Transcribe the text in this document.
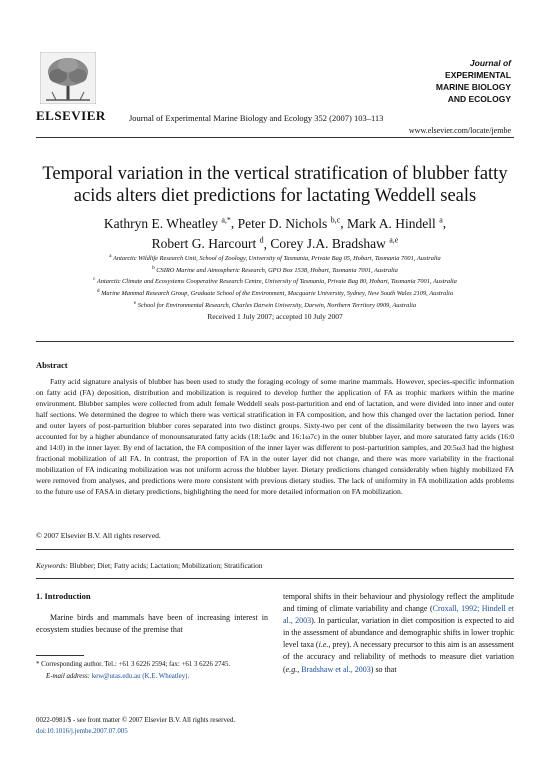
ELSEVIER	Journal of Experimental Marine Biology and Ecology 352 (2007) 103–113
Journal of
EXPERIMENTAL
MARINE BIOLOGY
AND ECOLOGY
www.elsevier.com/locate/jembe
Temporal variation in the vertical stratification of blubber fatty acids alters diet predictions for lactating Weddell seals
Kathryn E. Wheatley $^{a,*}$, Peter D. Nichols $^{b,c}$, Mark A. Hindell $^a$,
Robert G. Harcourt $^d$, Corey J.A. Bradshaw $^{a,e}$
$^a$ Antarctic Wildlife Research Unit, School of Zoology, University of Tasmania, Private Bag 05, Hobart, Tasmania 7001, Australia
$^b$ CSIRO Marine and Atmospheric Research, GPO Box 1538, Hobart, Tasmania 7001, Australia
$^c$ Antarctic Climate and Ecosystems Cooperative Research Centre, University of Tasmania, Private Bag 80, Hobart, Tasmania 7001, Australia
$^d$ Marine Mammal Research Group, Graduate School of the Environment, Macquarie University, Sydney, New South Wales 2109, Australia
$^e$ School for Environmental Research, Charles Darwin University, Darwin, Northern Territory 0909, Australia
Received 1 July 2007; accepted 10 July 2007
Abstract
Fatty acid signature analysis of blubber has been used to study the foraging ecology of some marine mammals. However, species-specific information on fatty acid (FA) deposition, distribution and mobilization is required to develop further the application of FA as trophic markers within the marine environment. Blubber samples were collected from adult female Weddell seals post-parturition and end of lactation, and were divided into inner and outer half sections. We determined the degree to which there was vertical stratification in FA composition, and how this changed over the lactation period. Inner and outer layers of post-parturition blubber cores separated into two distinct groups. Sixty-two per cent of the dissimilarity between the two layers was accounted for by a higher abundance of monounsaturated fatty acids (18:1ω9c and 16:1ω7c) in the outer blubber layer, and more saturated fatty acids (16:0 and 14:0) in the inner layer. By end of lactation, the FA composition of the inner layer was different to post-parturition samples, and 20:5ω3 had the highest fractional mobilization of all FA. In contrast, the proportion of FA in the outer layer did not change, and there was more variability in the fractional mobilization of FA indicating mobilization was not uniform across the blubber layer. Dietary predictions changed considerably when highly mobilized FA were removed from analyses, and predictions were more consistent with previous dietary studies. The lack of uniformity in FA mobilization adds problems to the future use of FASA in dietary predictions, highlighting the need for more detailed information on FA mobilization.
© 2007 Elsevier B.V. All rights reserved.
Keywords: Blubber; Diet; Fatty acids; Lactation; Mobilization; Stratification
1. Introduction
Marine birds and mammals have been of increasing interest in ecosystem studies because of the premise that
temporal shifts in their behaviour and physiology reflect the amplitude and timing of climate variability and change (Croxall, 1992; Hindell et al., 2003). In particular, variation in diet composition is expected to aid in the assessment of abundance and demographic shifts in lower trophic level taxa (i.e., prey). A necessary precursor to this aim is an assessment of the accuracy and reliability of methods to measure diet variation (e.g., Bradshaw et al., 2003) so that
* Corresponding author. Tel.: +61 3 6226 2594; fax: +61 3 6226 2745.
E-mail address: kew@utas.edu.au (K.E. Wheatley).
0022-0981/$ - see front matter © 2007 Elsevier B.V. All rights reserved.
doi:10.1016/j.jembe.2007.07.005
